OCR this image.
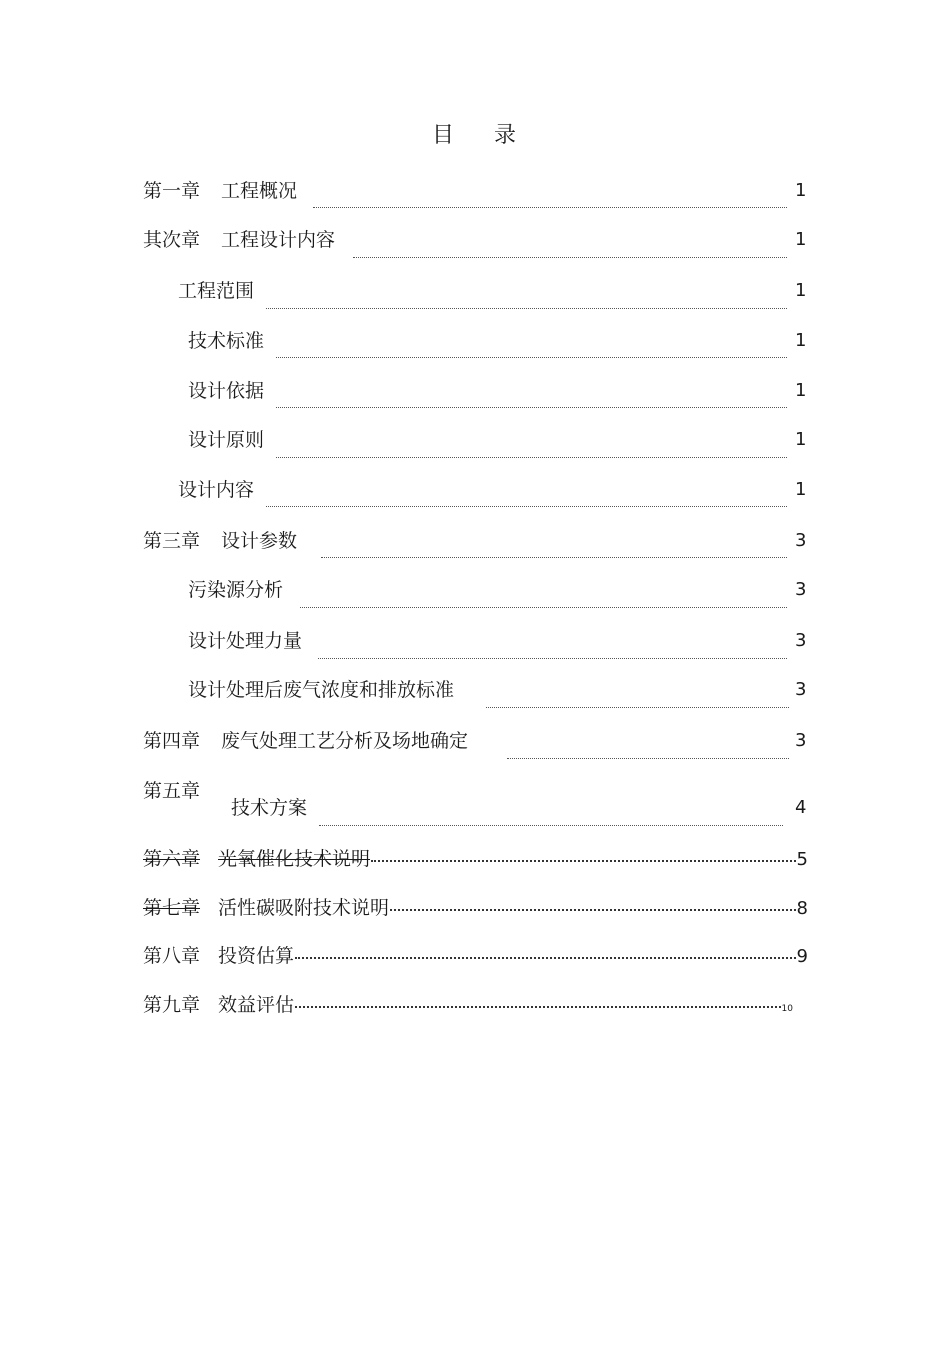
目 录
第一章 工程概况	1
其次章 工程设计内容	1
工程范围	1
技术标准	1
设计依据	1
设计原则	1
设计内容	1
第三章 设计参数	3
污染源分析	3
设计处理力量	3
设计处理后废气浓度和排放标准	3
第四章 废气处理工艺分析及场地确定	3
第五章
技术方案	4
第六章 光氧催化技术说明	5
第七章 活性碳吸附技术说明	8
第八章 投资估算	9
第九章 效益评估	10
